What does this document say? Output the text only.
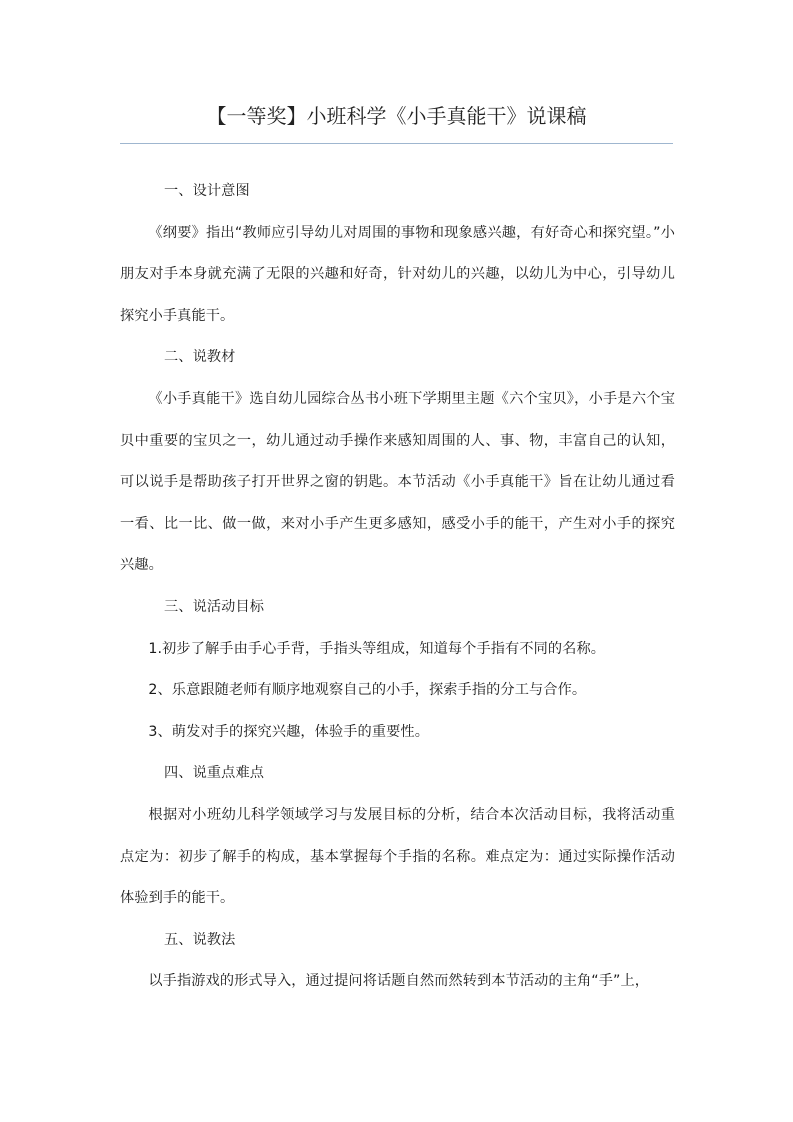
【一等奖】小班科学《小手真能干》说课稿

一、设计意图

《纲要》指出“教师应引导幼儿对周围的事物和现象感兴趣，有好奇心和探究望。”小朋友对手本身就充满了无限的兴趣和好奇，针对幼儿的兴趣，以幼儿为中心，引导幼儿探究小手真能干。

二、说教材

《小手真能干》选自幼儿园综合丛书小班下学期里主题《六个宝贝》，小手是六个宝贝中重要的宝贝之一，幼儿通过动手操作来感知周围的人、事、物，丰富自己的认知，可以说手是帮助孩子打开世界之窗的钥匙。本节活动《小手真能干》旨在让幼儿通过看一看、比一比、做一做，来对小手产生更多感知，感受小手的能干，产生对小手的探究兴趣。

三、说活动目标

1.初步了解手由手心手背，手指头等组成，知道每个手指有不同的名称。

2、乐意跟随老师有顺序地观察自己的小手，探索手指的分工与合作。

3、萌发对手的探究兴趣，体验手的重要性。

四、说重点难点

根据对小班幼儿科学领域学习与发展目标的分析，结合本次活动目标，我将活动重点定为：初步了解手的构成，基本掌握每个手指的名称。难点定为：通过实际操作活动体验到手的能干。

五、说教法

以手指游戏的形式导入，通过提问将话题自然而然转到本节活动的主角“手”上，
